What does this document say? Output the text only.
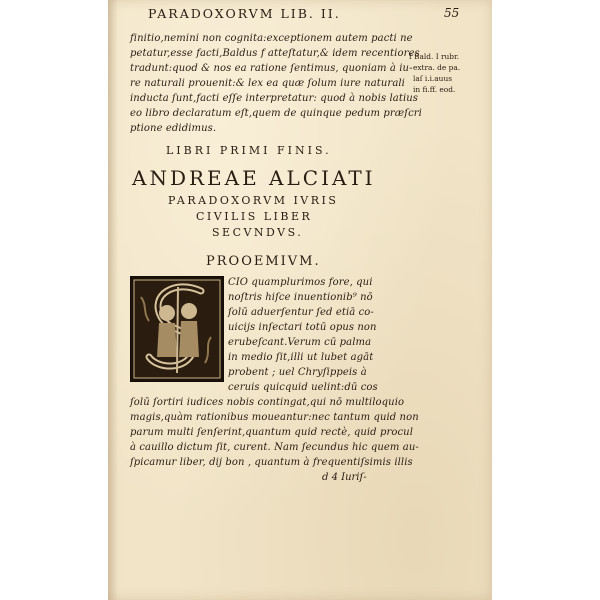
PARADOXORVM LIB. II.	55
finitio,nemini non cognita:exceptionem autem pacti ne
petatur,esse facti,Baldus f atteſtatur,& idem recentiores
tradunt:quod & nos ea ratione ſentimus, quoniam à iu-
re naturali prouenit:& lex ea quæ ſolum iure naturali
inducta ſunt,facti eſſe interpretatur: quod à nobis latius
eo libro declaratum eſt,quem de quinque pedum præſcri
ptione edidimus.
f Bald. I rubr.
extra. de pa.
laſ i.i.auus
in fi.ff. eod.
LIBRI PRIMI FINIS.
ANDREAE ALCIATI
PARADOXORVM IVRIS
CIVILIS LIBER
SECVNDVS.
PROOEMIVM.
CIO quamplurimos fore, qui
noſtris hiſce inuentionib⁹ nō
ſolū aduerſentur ſed etiā co-
uicijs inſectari totū opus non
erubeſcant.Verum cū palma
in medio ſit,illi ut lubet agāt
probent ; uel Chryſippeis à
ceruis quicquid uelint:dū cos
ſolū ſortiri iudices nobis contingat,qui nō multiloquio
magis,quàm rationibus moueantur:nec tantum quid non
parum multi ſenſerint,quantum quid rectè, quid procul
à cauillo dictum ſit, curent. Nam ſecundus hic quem au-
ſpicamur liber, dij bon , quantum à frequentiſsimis illis
d 4 Iuriſ-
